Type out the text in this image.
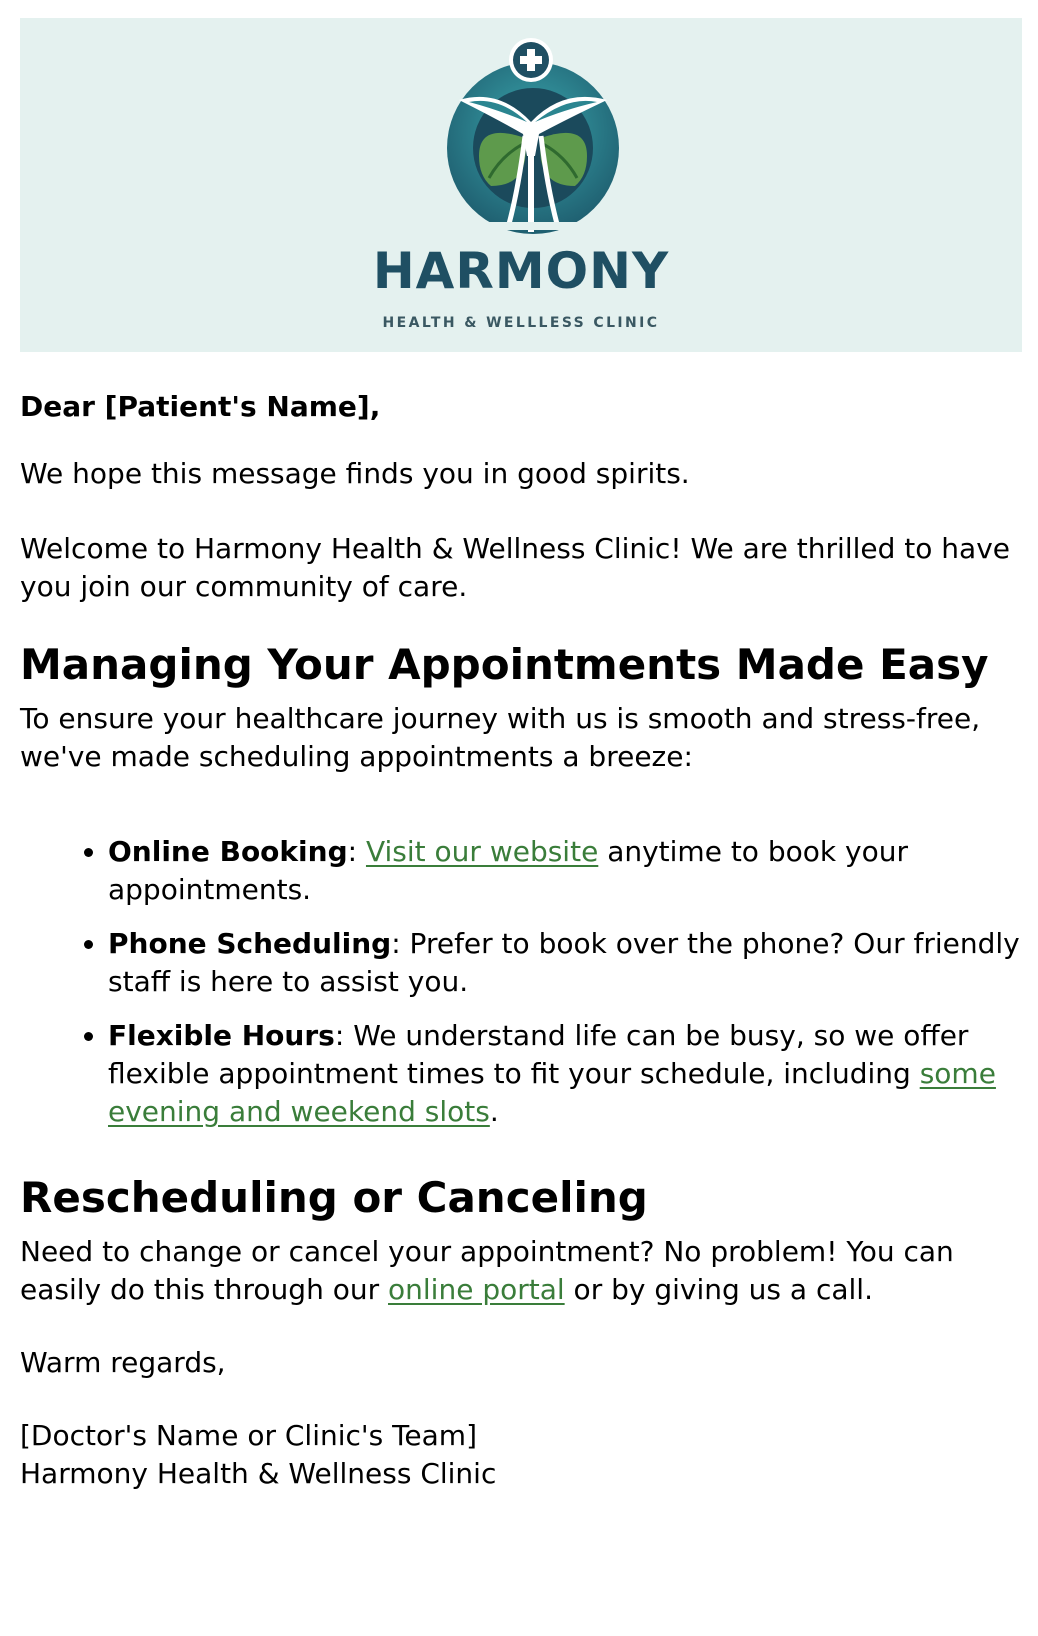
HARMONY
HEALTH & WELLLESS CLINIC

Dear [Patient's Name],

We hope this message finds you in good spirits.

Welcome to Harmony Health & Wellness Clinic! We are thrilled to have you join our community of care.

Managing Your Appointments Made Easy

To ensure your healthcare journey with us is smooth and stress-free, we've made scheduling appointments a breeze:

• Online Booking: Visit our website anytime to book your appointments.
• Phone Scheduling: Prefer to book over the phone? Our friendly staff is here to assist you.
• Flexible Hours: We understand life can be busy, so we offer flexible appointment times to fit your schedule, including some evening and weekend slots.
Rescheduling or Canceling

Need to change or cancel your appointment? No problem! You can easily do this through our online portal or by giving us a call.

Warm regards,

[Doctor's Name or Clinic's Team]

Harmony Health & Wellness Clinic
